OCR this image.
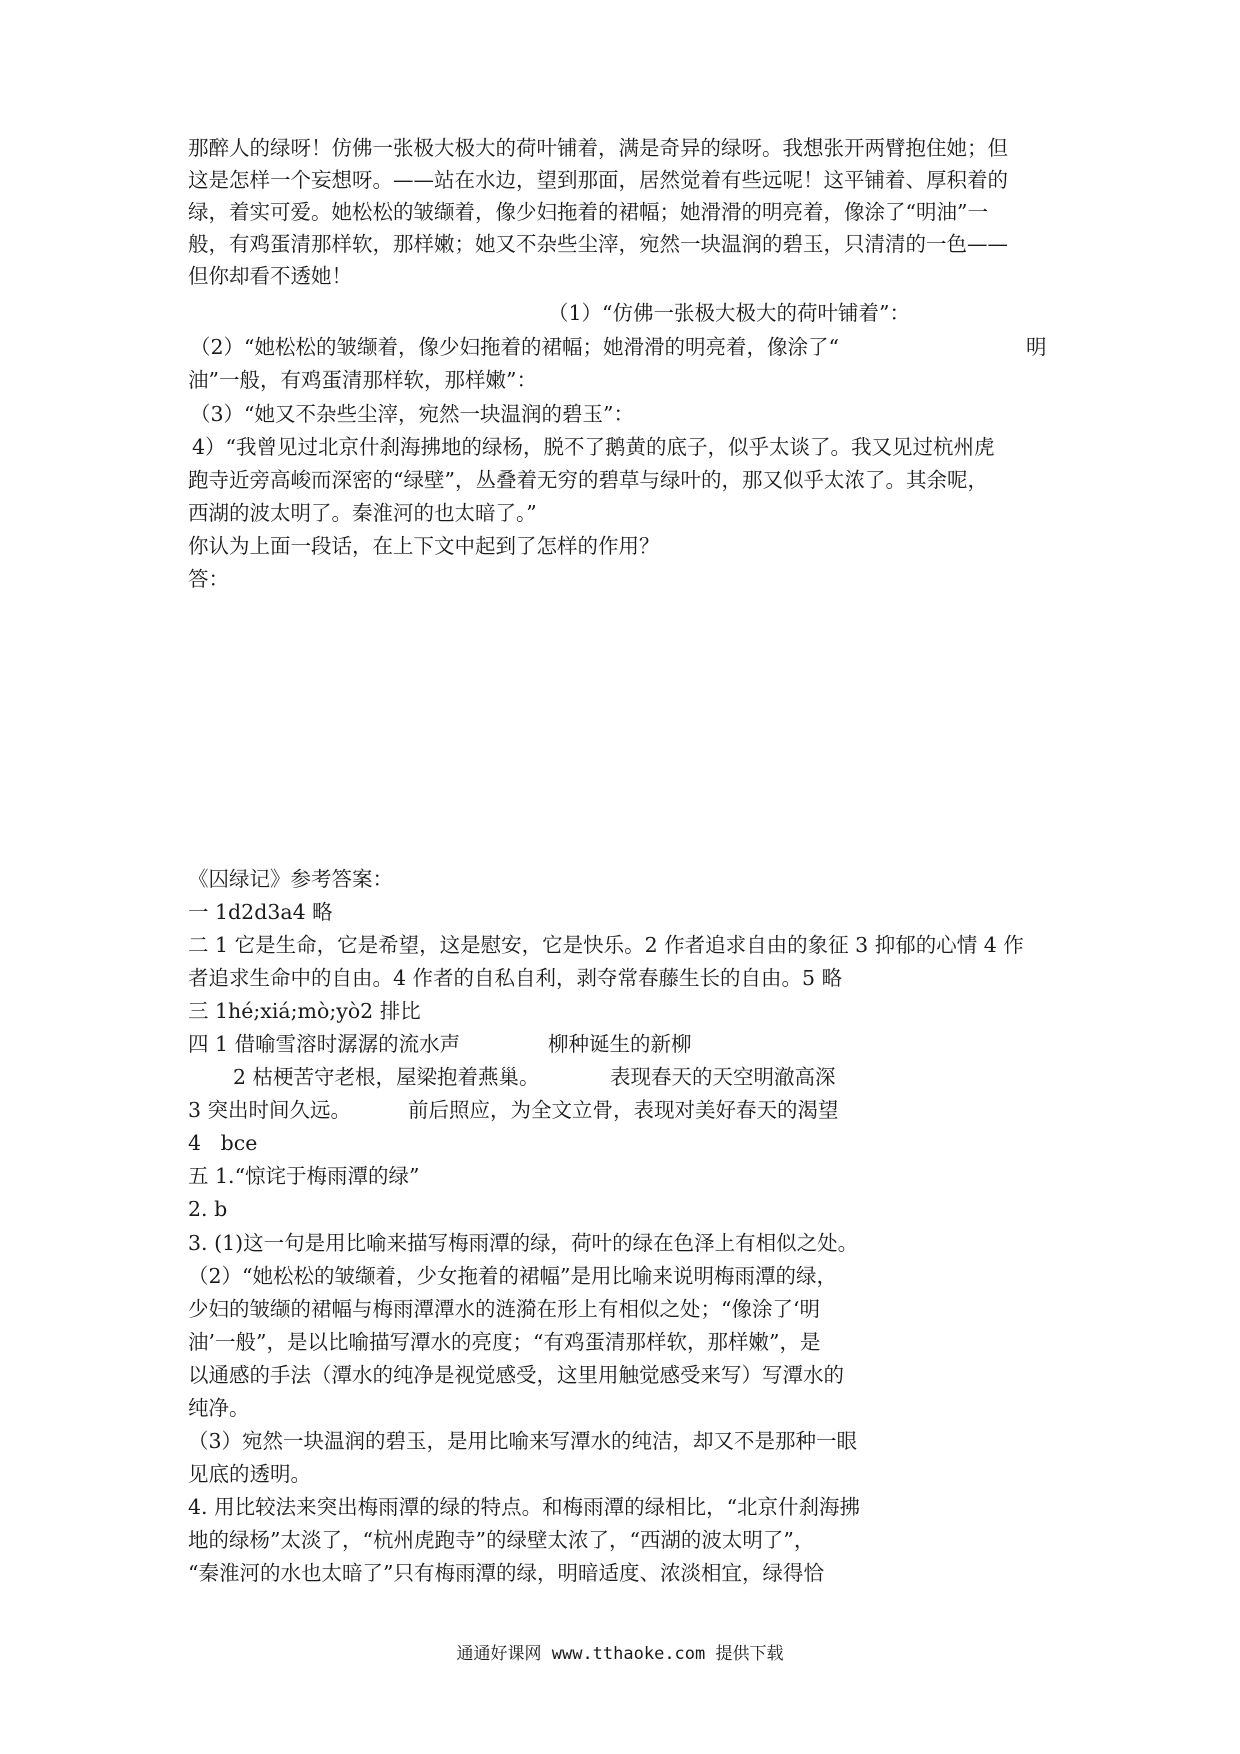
那醉人的绿呀！仿佛一张极大极大的荷叶铺着，满是奇异的绿呀。我想张开两臂抱住她；但
这是怎样一个妄想呀。——站在水边，望到那面，居然觉着有些远呢！这平铺着、厚积着的
绿，着实可爱。她松松的皱缬着，像少妇拖着的裙幅；她滑滑的明亮着，像涂了“明油”一
般，有鸡蛋清那样软，那样嫩；她又不杂些尘滓，宛然一块温润的碧玉，只清清的一色——
但你却看不透她！
（1）“仿佛一张极大极大的荷叶铺着”：
（2）“她松松的皱缬着，像少妇拖着的裙幅；她滑滑的明亮着，像涂了“	明
油”一般，有鸡蛋清那样软，那样嫩”：
（3）“她又不杂些尘滓，宛然一块温润的碧玉”：
4）“我曾见过北京什刹海拂地的绿杨，脱不了鹅黄的底子，似乎太谈了。我又见过杭州虎
跑寺近旁高峻而深密的“绿壁”，丛叠着无穷的碧草与绿叶的，那又似乎太浓了。其余呢，
西湖的波太明了。秦淮河的也太暗了。”
你认为上面一段话，在上下文中起到了怎样的作用？
答：
《囚绿记》参考答案：
一 1d2d3a4 略
二 1 它是生命，它是希望，这是慰安，它是快乐。2 作者追求自由的象征 3 抑郁的心情 4 作
者追求生命中的自由。4 作者的自私自利，剥夺常春藤生长的自由。5 略
三 1hé;xiá;mò;yò2 排比
四 1 借喻雪溶时潺潺的流水声	柳种诞生的新柳
2 枯梗苦守老根，屋梁抱着燕巢。	表现春天的天空明澈高深
3 突出时间久远。	前后照应，为全文立骨，表现对美好春天的渴望
4   bce
五 1.“惊诧于梅雨潭的绿”
2. b
3. (1)这一句是用比喻来描写梅雨潭的绿，荷叶的绿在色泽上有相似之处。
（2）“她松松的皱缬着，少女拖着的裙幅”是用比喻来说明梅雨潭的绿，
少妇的皱缬的裙幅与梅雨潭潭水的涟漪在形上有相似之处；“像涂了‘明
油’一般”，是以比喻描写潭水的亮度；“有鸡蛋清那样软，那样嫩”，是
以通感的手法（潭水的纯净是视觉感受，这里用触觉感受来写）写潭水的
纯净。
（3）宛然一块温润的碧玉，是用比喻来写潭水的纯洁，却又不是那种一眼
见底的透明。
4. 用比较法来突出梅雨潭的绿的特点。和梅雨潭的绿相比，“北京什刹海拂
地的绿杨”太淡了，“杭州虎跑寺”的绿壁太浓了，“西湖的波太明了”，
“秦淮河的水也太暗了”只有梅雨潭的绿，明暗适度、浓淡相宜，绿得恰
通通好课网 www.tthaoke.com 提供下载
